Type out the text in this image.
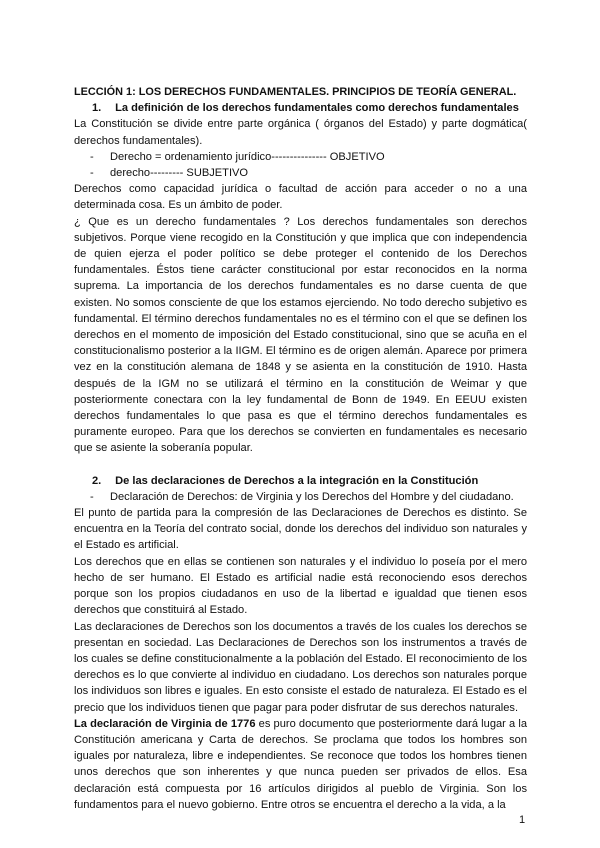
LECCIÓN 1: LOS DERECHOS FUNDAMENTALES. PRINCIPIOS DE TEORÍA GENERAL.
1. La definición de los derechos fundamentales como derechos fundamentales

La Constitución se divide entre parte orgánica ( órganos del Estado) y parte dogmática( derechos fundamentales).

- Derecho = ordenamiento jurídico--------------- OBJETIVO
- derecho--------- SUBJETIVO

Derechos como capacidad jurídica o facultad de acción para acceder o no a una determinada cosa. Es un ámbito de poder.

¿ Que es un derecho fundamentales ? Los derechos fundamentales son derechos subjetivos. Porque viene recogido en la Constitución y que implica que con independencia de quien ejerza el poder político se debe proteger el contenido de los Derechos fundamentales. Éstos tiene carácter constitucional por estar reconocidos en la norma suprema. La importancia de los derechos fundamentales es no darse cuenta de que existen. No somos consciente de que los estamos ejerciendo. No todo derecho subjetivo es fundamental. El término derechos fundamentales no es el término con el que se definen los derechos en el momento de imposición del Estado constitucional, sino que se acuña en el constitucionalismo posterior a la IIGM. El término es de origen alemán. Aparece por primera vez en la constitución alemana de 1848 y se asienta en la constitución de 1910. Hasta después de la IGM no se utilizará el término en la constitución de Weimar y que posteriormente conectara con la ley fundamental de Bonn de 1949. En EEUU existen derechos fundamentales lo que pasa es que el término derechos fundamentales es puramente europeo. Para que los derechos se convierten en fundamentales es necesario que se asiente la soberanía popular.

2. De las declaraciones de Derechos a la integración en la Constitución
- Declaración de Derechos: de Virginia y los Derechos del Hombre y del ciudadano.

El punto de partida para la compresión de las Declaraciones de Derechos es distinto. Se encuentra en la Teoría del contrato social, donde los derechos del individuo son naturales y el Estado es artificial.

Los derechos que en ellas se contienen son naturales y el individuo lo poseía por el mero hecho de ser humano. El Estado es artificial nadie está reconociendo esos derechos porque son los propios ciudadanos en uso de la libertad e igualdad que tienen esos derechos que constituirá al Estado.

Las declaraciones de Derechos son los documentos a través de los cuales los derechos se presentan en sociedad. Las Declaraciones de Derechos son los instrumentos a través de los cuales se define constitucionalmente a la población del Estado. El reconocimiento de los derechos es lo que convierte al individuo en ciudadano. Los derechos son naturales porque los individuos son libres e iguales. En esto consiste el estado de naturaleza. El Estado es el precio que los individuos tienen que pagar para poder disfrutar de sus derechos naturales.

La declaración de Virginia de 1776 es puro documento que posteriormente dará lugar a la Constitución americana y Carta de derechos. Se proclama que todos los hombres son iguales por naturaleza, libre e independientes. Se reconoce que todos los hombres tienen unos derechos que son inherentes y que nunca pueden ser privados de ellos. Esa declaración está compuesta por 16 artículos dirigidos al pueblo de Virginia. Son los fundamentos para el nuevo gobierno. Entre otros se encuentra el derecho a la vida, a la

1
